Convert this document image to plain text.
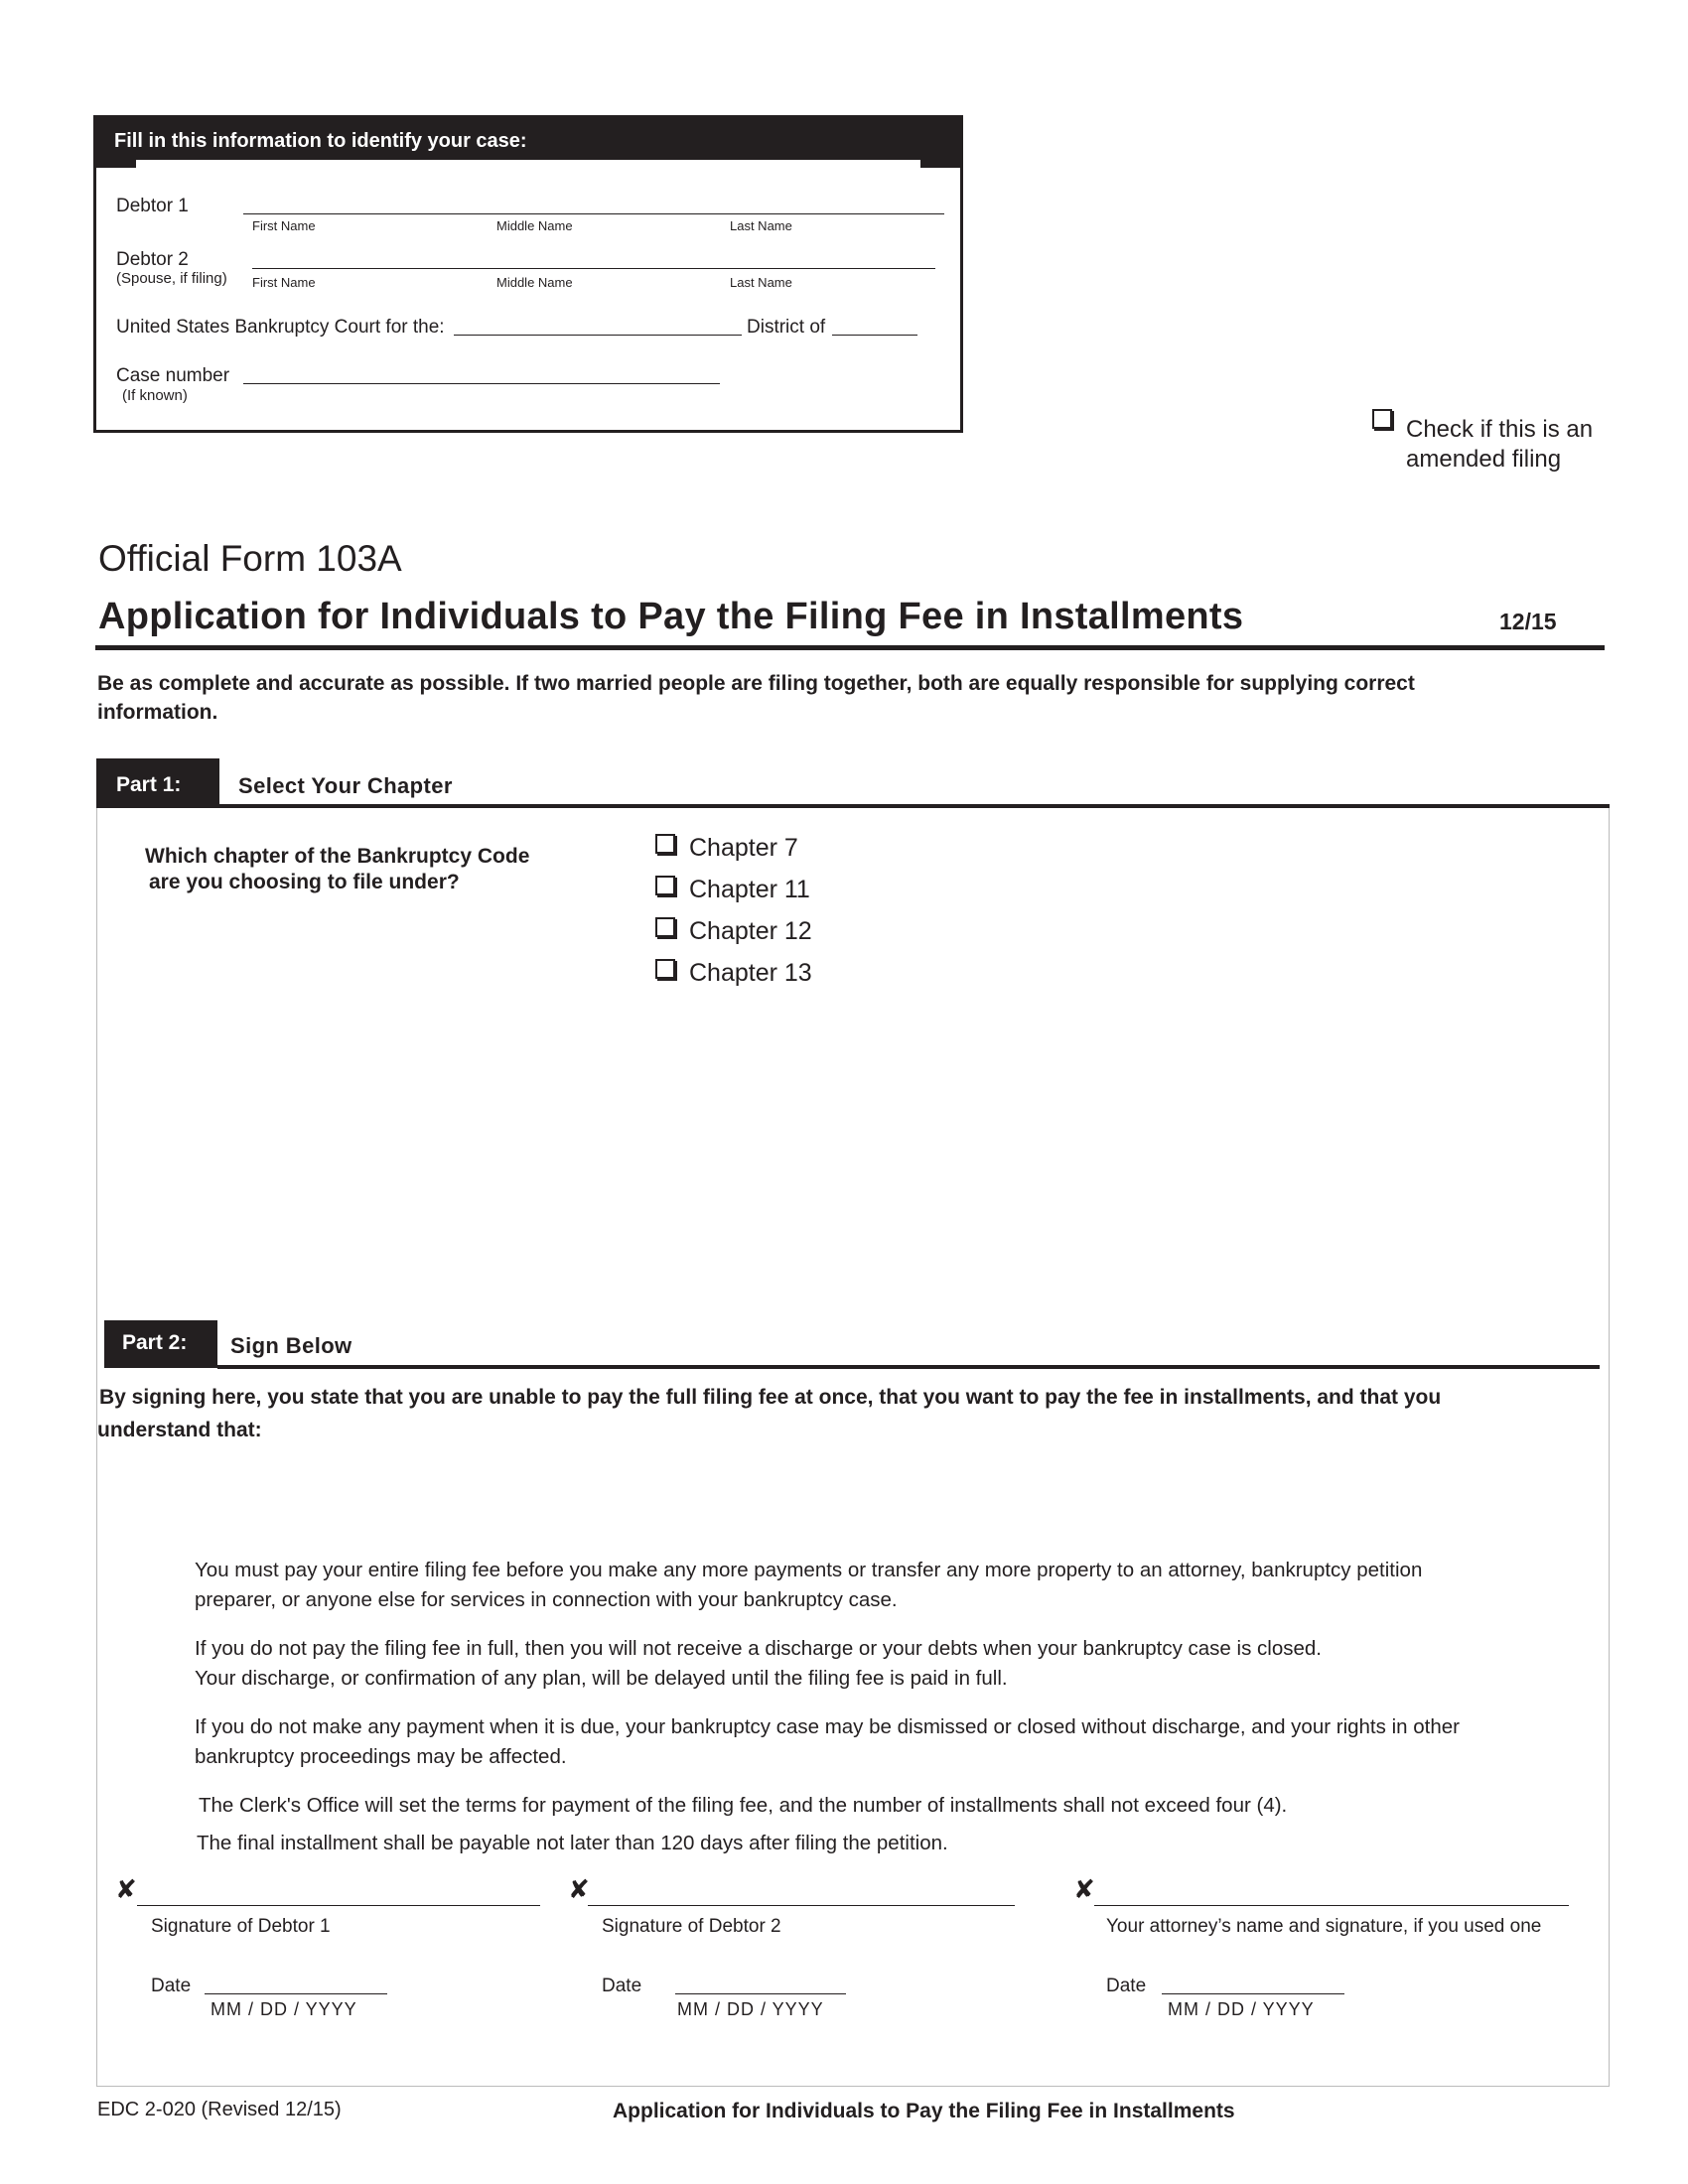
Fill in this information to identify your case:
Debtor 1
First Name	Middle Name	Last Name
Debtor 2
(Spouse, if filing) First Name	Middle Name	Last Name
United States Bankruptcy Court for the:	District of
Case number
(If known)
Check if this is an amended filing
Official Form 103A
Application for Individuals to Pay the Filing Fee in Installments	12/15
Be as complete and accurate as possible. If two married people are filing together, both are equally responsible for supplying correct information.
Part 1:	Select Your Chapter
Which chapter of the Bankruptcy Code
are you choosing to file under?
Chapter 7
Chapter 11
Chapter 12
Chapter 13
Part 2:	Sign Below
By signing here, you state that you are unable to pay the full filing fee at once, that you want to pay the fee in installments, and that you
understand that:
You must pay your entire filing fee before you make any more payments or transfer any more property to an attorney, bankruptcy petition
preparer, or anyone else for services in connection with your bankruptcy case.
If you do not pay the filing fee in full, then you will not receive a discharge or your debts when your bankruptcy case is closed.
Your discharge, or confirmation of any plan, will be delayed until the filing fee is paid in full.
If you do not make any payment when it is due, your bankruptcy case may be dismissed or closed without discharge, and your rights in other
bankruptcy proceedings may be affected.
The Clerk's Office will set the terms for payment of the filing fee, and the number of installments shall not exceed four (4).
The final installment shall be payable not later than 120 days after filing the petition.
✘
Signature of Debtor 1
Date
MM / DD / YYYY
✘
Signature of Debtor 2
Date
MM / DD / YYYY
✘
Your attorney’s name and signature, if you used one
Date
MM / DD / YYYY
EDC 2-020 (Revised 12/15)	Application for Individuals to Pay the Filing Fee in Installments
